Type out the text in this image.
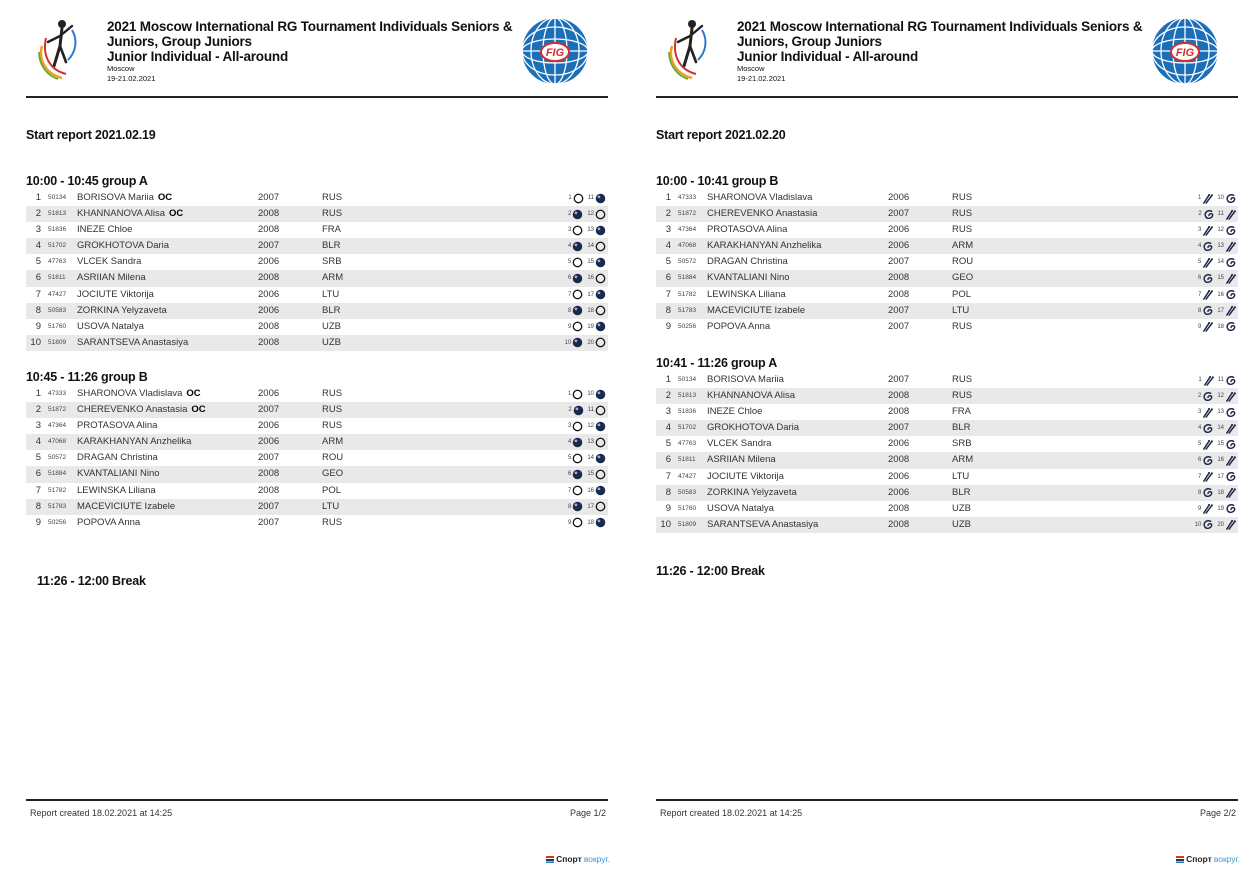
2021 Moscow International RG Tournament Individuals Seniors &
Juniors, Group Juniors
Junior Individual - All-around
Moscow
19-21.02.2021
FIG
Start report 2021.02.19
10:00 - 10:45 group A
1 50134 BORISOVA Mariia OC	2007	RUS	1	11
2 51813 KHANNANOVA Alisa OC	2008	RUS	2	12
3 51836 INEZE Chloe	2008	FRA	3	13
4 51702 GROKHOTOVA Daria	2007	BLR	4	14
5 47763 VLCEK Sandra	2006	SRB	5	15
6 51811 ASRIIAN Milena	2008	ARM	6	16
7 47427 JOCIUTE Viktorija	2006	LTU	7	17
8 50583 ZORKINA Yelyzaveta	2006	BLR	8	18
9 51760 USOVA Natalya	2008	UZB	9	19
10 51809 SARANTSEVA Anastasiya	2008	UZB	10	20
10:45 - 11:26 group B
1 47333 SHARONOVA Vladislava OC	2006	RUS	1	10
2 51872 CHEREVENKO Anastasia OC	2007	RUS	2	11
3 47364 PROTASOVA Alina	2006	RUS	3	12
4 47068 KARAKHANYAN Anzhelika	2006	ARM	4	13
5 50572 DRAGAN Christina	2007	ROU	5	14
6 51884 KVANTALIANI Nino	2008	GEO	6	15
7 51782 LEWINSKA Liliana	2008	POL	7	16
8 51783 MACEVICIUTE Izabele	2007	LTU	8	17
9 50256 POPOVA Anna	2007	RUS	9	18
11:26 - 12:00 Break
Report created 18.02.2021 at 14:25	Page 1/2
Спорт вокруг.
2021 Moscow International RG Tournament Individuals Seniors &
Juniors, Group Juniors
Junior Individual - All-around
Moscow
19-21.02.2021
FIG
Start report 2021.02.20
10:00 - 10:41 group B
1 47333 SHARONOVA Vladislava	2006	RUS	1	10
2 51872 CHEREVENKO Anastasia	2007	RUS	2	11
3 47364 PROTASOVA Alina	2006	RUS	3	12
4 47068 KARAKHANYAN Anzhelika	2006	ARM	4	13
5 50572 DRAGAN Christina	2007	ROU	5	14
6 51884 KVANTALIANI Nino	2008	GEO	6	15
7 51782 LEWINSKA Liliana	2008	POL	7	16
8 51783 MACEVICIUTE Izabele	2007	LTU	8	17
9 50256 POPOVA Anna	2007	RUS	9	18
10:41 - 11:26 group A
1 50134 BORISOVA Mariia	2007	RUS	1	11
2 51813 KHANNANOVA Alisa	2008	RUS	2	12
3 51836 INEZE Chloe	2008	FRA	3	13
4 51702 GROKHOTOVA Daria	2007	BLR	4	14
5 47763 VLCEK Sandra	2006	SRB	5	15
6 51811 ASRIIAN Milena	2008	ARM	6	16
7 47427 JOCIUTE Viktorija	2006	LTU	7	17
8 50583 ZORKINA Yelyzaveta	2006	BLR	8	18
9 51760 USOVA Natalya	2008	UZB	9	19
10 51809 SARANTSEVA Anastasiya	2008	UZB	10	20
11:26 - 12:00 Break
Report created 18.02.2021 at 14:25	Page 2/2
Спорт вокруг.
